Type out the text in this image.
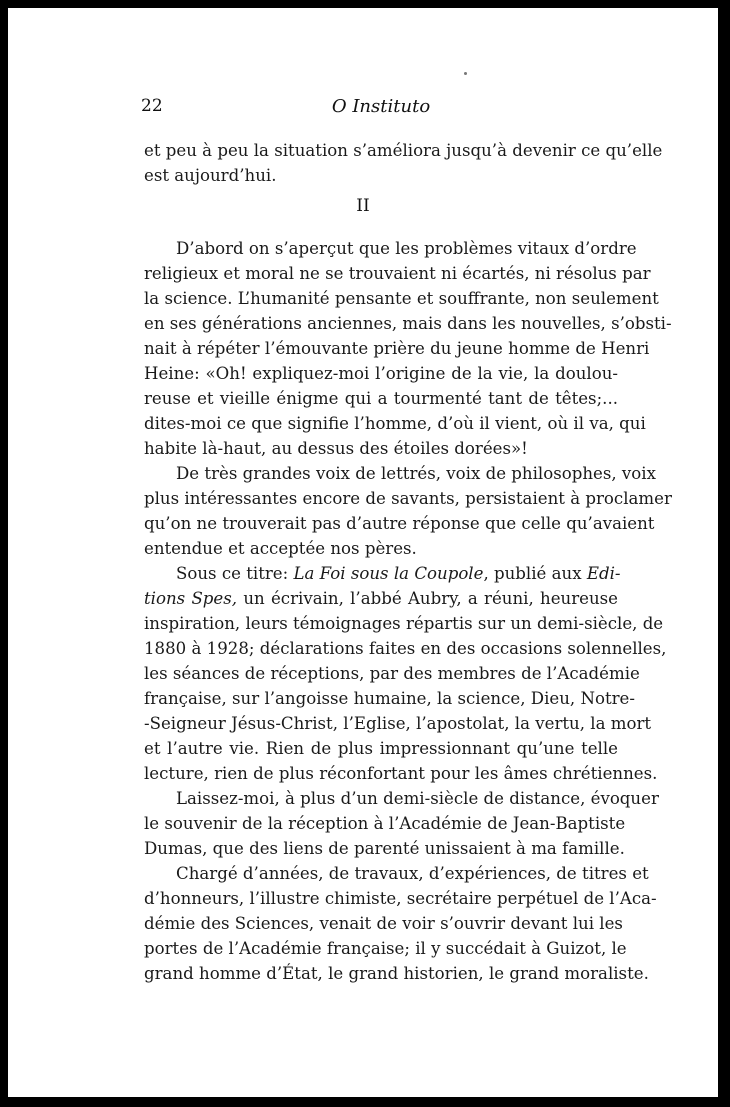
22	O Instituto
et peu à peu la situation s’améliora jusqu’à devenir ce qu’elle
est aujourd’hui.
II
D’abord on s’aperçut que les problèmes vitaux d’ordre
religieux et moral ne se trouvaient ni écartés, ni résolus par
la science. L’humanité pensante et souffrante, non seulement
en ses générations anciennes, mais dans les nouvelles, s’obsti-
nait à répéter l’émouvante prière du jeune homme de Henri
Heine: «Oh! expliquez-moi l’origine de la vie, la doulou-
reuse et vieille énigme qui a tourmenté tant de têtes;...
dites-moi ce que signifie l’homme, d’où il vient, où il va, qui
habite là-haut, au dessus des étoiles dorées»!
De très grandes voix de lettrés, voix de philosophes, voix
plus intéressantes encore de savants, persistaient à proclamer
qu’on ne trouverait pas d’autre réponse que celle qu’avaient
entendue et acceptée nos pères.
Sous ce titre: La Foi sous la Coupole, publié aux Edi-
tions Spes, un écrivain, l’abbé Aubry, a réuni, heureuse
inspiration, leurs témoignages répartis sur un demi-siècle, de
1880 à 1928; déclarations faites en des occasions solennelles,
les séances de réceptions, par des membres de l’Académie
française, sur l’angoisse humaine, la science, Dieu, Notre-
-Seigneur Jésus-Christ, l’Eglise, l’apostolat, la vertu, la mort
et l’autre vie. Rien de plus impressionnant qu’une telle
lecture, rien de plus réconfortant pour les âmes chrétiennes.
Laissez-moi, à plus d’un demi-siècle de distance, évoquer
le souvenir de la réception à l’Académie de Jean-Baptiste
Dumas, que des liens de parenté unissaient à ma famille.
Chargé d’années, de travaux, d’expériences, de titres et
d’honneurs, l’illustre chimiste, secrétaire perpétuel de l’Aca-
démie des Sciences, venait de voir s’ouvrir devant lui les
portes de l’Académie française; il y succédait à Guizot, le
grand homme d’État, le grand historien, le grand moraliste.
